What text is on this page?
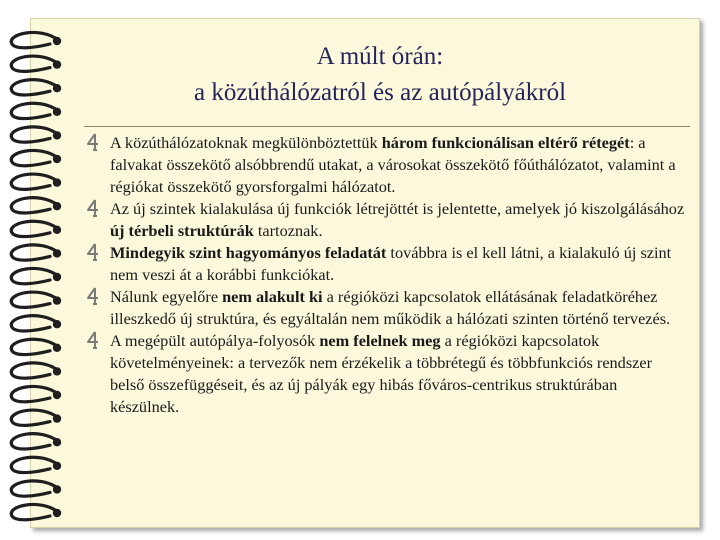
A múlt órán:
a közúthálózatról és az autópályákról

A közúthálózatoknak megkülönböztettük három funkcionálisan eltérő rétegét: a falvakat összekötő alsóbbrendű utakat, a városokat összekötő főúthálózatot, valamint a régiókat összekötő gyorsforgalmi hálózatot.

Az új szintek kialakulása új funkciók létrejöttét is jelentette, amelyek jó kiszolgálásához új térbeli struktúrák tartoznak.

Mindegyik szint hagyományos feladatát továbbra is el kell látni, a kialakuló új szint nem veszi át a korábbi funkciókat.

Nálunk egyelőre nem alakult ki a régióközi kapcsolatok ellátásának feladatköréhez illeszkedő új struktúra, és egyáltalán nem működik a hálózati szinten történő tervezés.

A megépült autópálya-folyosók nem felelnek meg a régióközi kapcsolatok követelményeinek: a tervezők nem érzékelik a többrétegű és többfunkciós rendszer belső összefüggéseit, és az új pályák egy hibás főváros-centrikus struktúrában készülnek.
